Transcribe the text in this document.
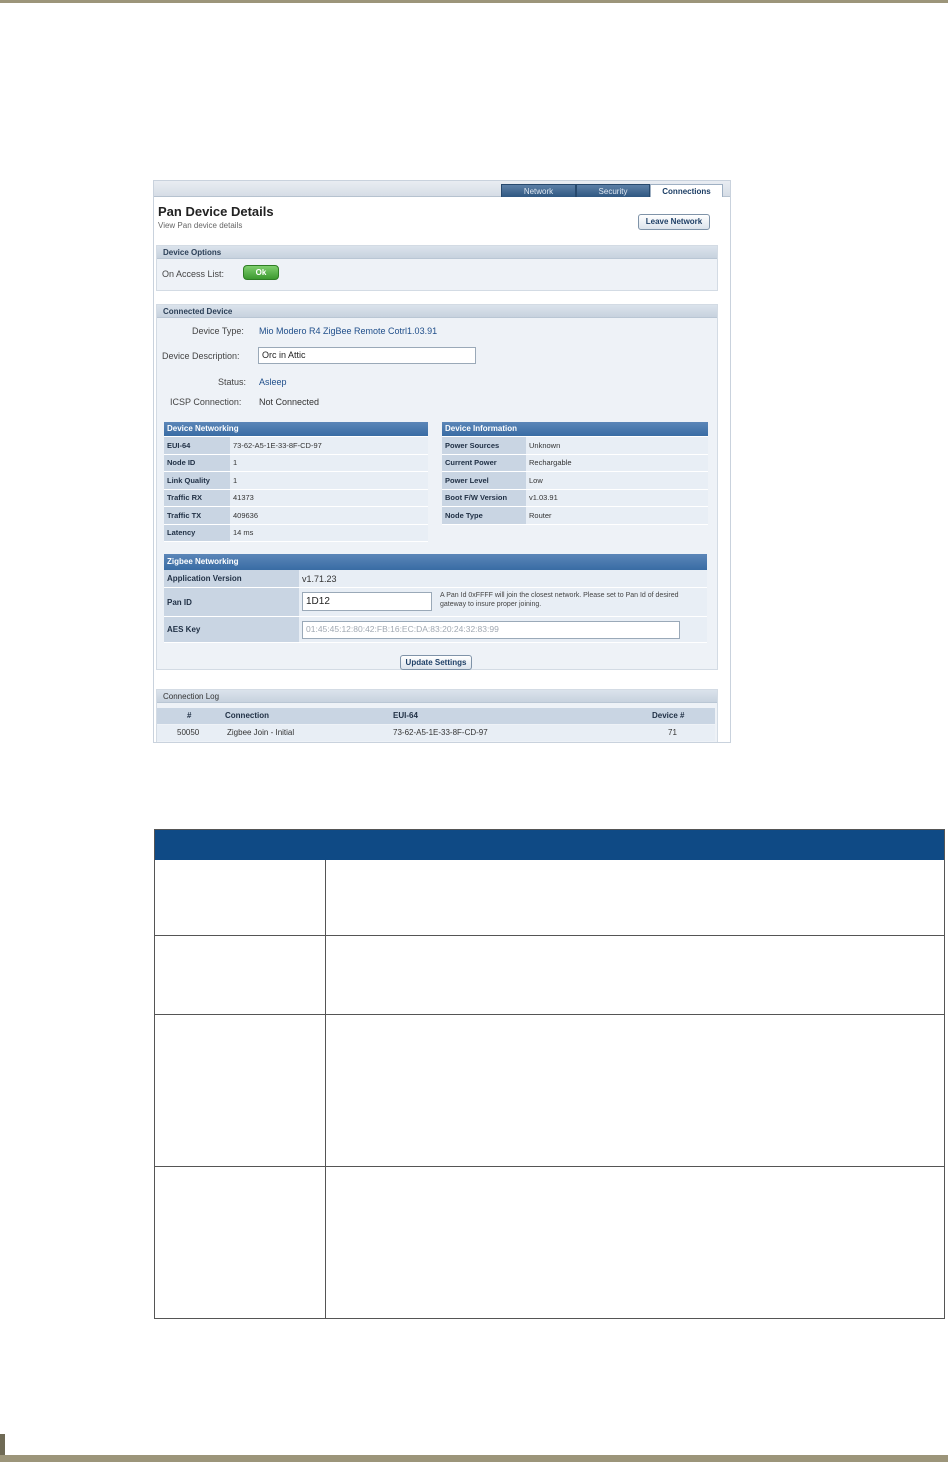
Network	Security	Connections
Pan Device Details
View Pan device details	Leave Network
Device Options
On Access List:	Ok
Connected Device
Device Type: Mio Modero R4 ZigBee Remote Cotrl1.03.91
Device Description:	Orc in Attic
Status: Asleep
ICSP Connection: Not Connected
Device Networking	
EUI-64	73-62-A5-1E-33-8F-CD-97
Node ID	1
Link Quality	1
Traffic RX	41373
Traffic TX	409636
Latency	14 ms
Device Information	
Power Sources	Unknown
Current Power	Rechargable
Power Level	Low
Boot F/W Version	v1.03.91
Node Type	Router
Zigbee Networking
Application Version	v1.71.23
Pan ID	1D12
A Pan Id 0xFFFF will join the closest network. Please set to Pan Id of desired gateway to insure proper joining.
AES Key	01:45:45:12:80:42:FB:16:EC:DA:83:20:24:32:83:99
Update Settings
Connection Log
#	Connection	EUI-64	Device #
50050	Zigbee Join - Initial	73-62-A5-1E-33-8F-CD-97	71
